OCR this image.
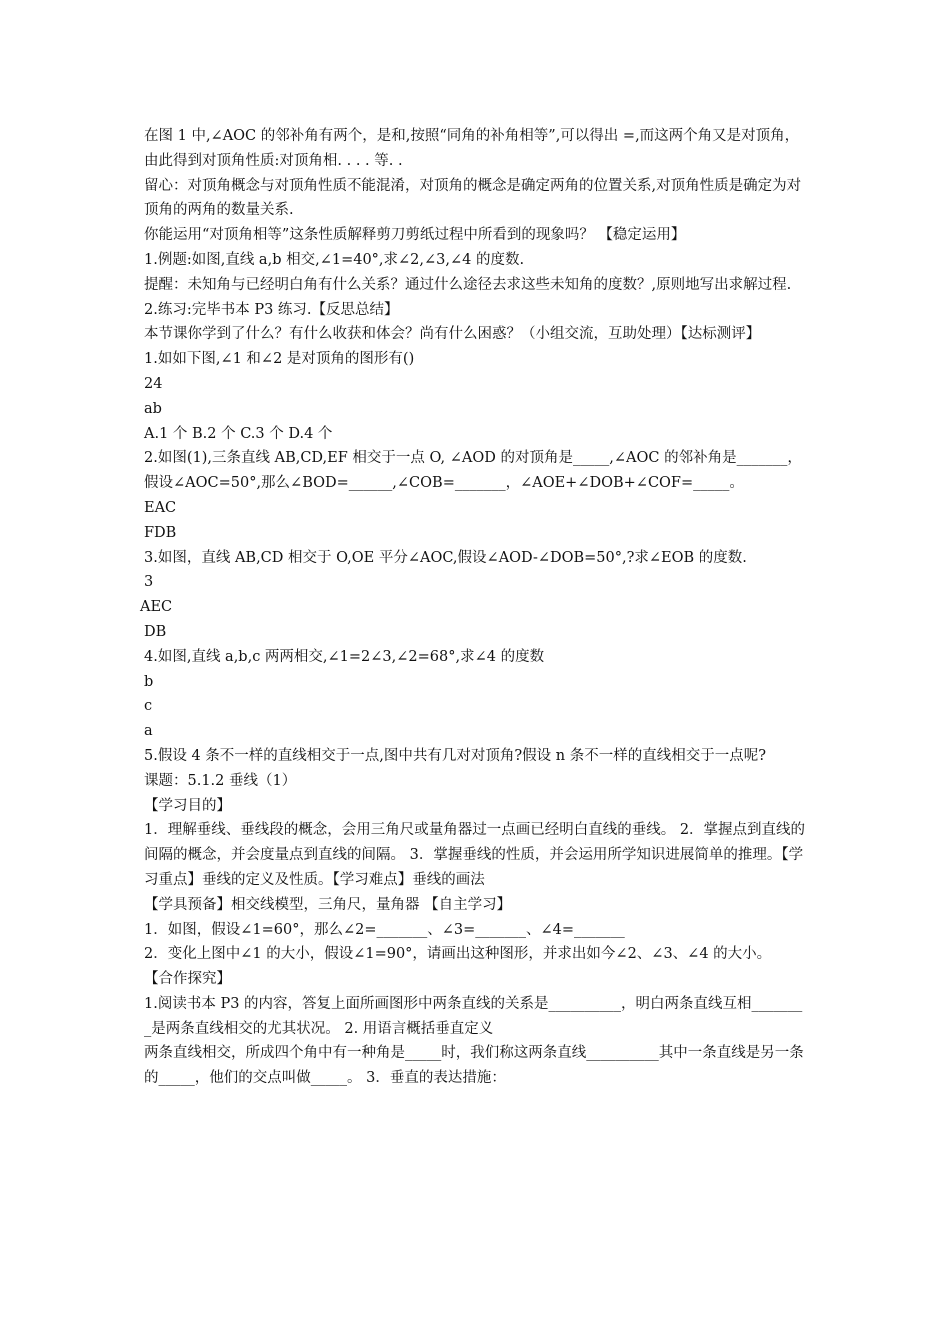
在图 1 中,∠AOC 的邻补角有两个，是和,按照“同角的补角相等”,可以得出 =,而这两个角又是对顶角，由此得到对顶角性质:对顶角相. . . . 等. .

留心：对顶角概念与对顶角性质不能混淆，对顶角的概念是确定两角的位置关系,对顶角性质是确定为对顶角的两角的数量关系.

你能运用“对顶角相等”这条性质解释剪刀剪纸过程中所看到的现象吗？ 【稳定运用】

1.例题:如图,直线 a,b 相交,∠1=40°,求∠2,∠3,∠4 的度数.

提醒：未知角与已经明白角有什么关系？通过什么途径去求这些未知角的度数？,原则地写出求解过程.

2.练习:完毕书本 P3 练习.【反思总结】

本节课你学到了什么？有什么收获和体会？尚有什么困惑？（小组交流，互助处理）【达标测评】

1.如如下图,∠1 和∠2 是对顶角的图形有()

24

ab

A.1 个 B.2 个 C.3 个 D.4 个

2.如图(1),三条直线 AB,CD,EF 相交于一点 O, ∠AOD 的对顶角是_____,∠AOC 的邻补角是_______，假设∠AOC=50°,那么∠BOD=______,∠COB=_______，∠AOE+∠DOB+∠COF=_____。

EAC

FDB

3.如图，直线 AB,CD 相交于 O,OE 平分∠AOC,假设∠AOD-∠DOB=50°,?求∠EOB 的度数.

3

AEC

DB

4.如图,直线 a,b,c 两两相交,∠1=2∠3,∠2=68°,求∠4 的度数

b

c

a

5.假设 4 条不一样的直线相交于一点,图中共有几对对顶角?假设 n 条不一样的直线相交于一点呢?

课题：5.1.2 垂线（1）

【学习目的】

1．理解垂线、垂线段的概念，会用三角尺或量角器过一点画已经明白直线的垂线。 2．掌握点到直线的间隔的概念，并会度量点到直线的间隔。 3．掌握垂线的性质，并会运用所学知识进展简单的推理。【学习重点】垂线的定义及性质。【学习难点】垂线的画法

【学具预备】相交线模型，三角尺，量角器 【自主学习】

1．如图，假设∠1=60°，那么∠2=_______、∠3=_______、∠4=_______

2．变化上图中∠1 的大小，假设∠1=90°，请画出这种图形，并求出如今∠2、∠3、∠4 的大小。

【合作探究】

1.阅读书本 P3 的内容，答复上面所画图形中两条直线的关系是__________，明白两条直线互相________是两条直线相交的尤其状况。 2. 用语言概括垂直定义

两条直线相交，所成四个角中有一种角是_____时，我们称这两条直线__________其中一条直线是另一条的_____，他们的交点叫做_____。 3．垂直的表达措施：
